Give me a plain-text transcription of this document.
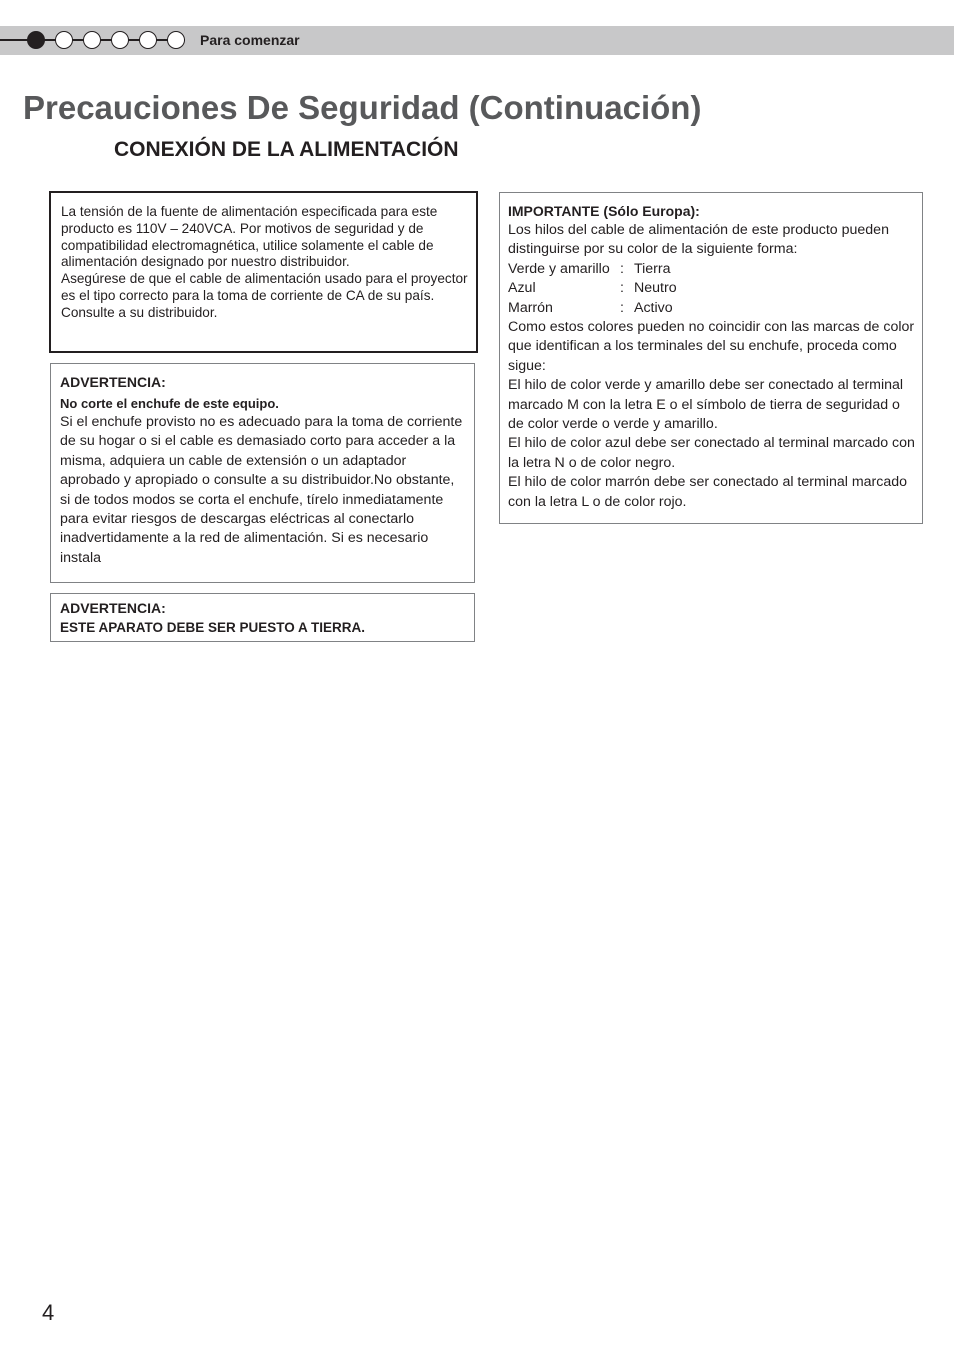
Para comenzar
Precauciones De Seguridad (Continuación)
CONEXIÓN DE LA ALIMENTACIÓN

La tensión de la fuente de alimentación especificada para este producto es 110V – 240VCA. Por motivos de seguridad y de compatibilidad electromagnética, utilice solamente el cable de alimentación designado por nuestro distribuidor.

Asegúrese de que el cable de alimentación usado para el proyector es el tipo correcto para la toma de corriente de CA de su país. Consulte a su distribuidor.

ADVERTENCIA:

No corte el enchufe de este equipo.

Si el enchufe provisto no es adecuado para la toma de corriente de su hogar o si el cable es demasiado corto para acceder a la misma, adquiera un cable de extensión o un adaptador aprobado y apropiado o consulte a su distribuidor.No obstante, si de todos modos se corta el enchufe, tírelo inmediatamente para evitar riesgos de descargas eléctricas al conectarlo inadvertidamente a la red de alimentación. Si es necesario instala

ADVERTENCIA:

ESTE APARATO DEBE SER PUESTO A TIERRA.

IMPORTANTE (Sólo Europa):

Los hilos del cable de alimentación de este producto pueden distinguirse por su color de la siguiente forma:

Verde y amarillo : Tierra
Azul	: Neutro
Marrón	: Activo

Como estos colores pueden no coincidir con las marcas de color que identifican a los terminales del su enchufe, proceda como sigue:

El hilo de color verde y amarillo debe ser conectado al terminal marcado M con la letra E o el símbolo de tierra de seguridad o de color verde o verde y amarillo.

El hilo de color azul debe ser conectado al terminal marcado con la letra N o de color negro.

El hilo de color marrón debe ser conectado al terminal marcado con la letra L o de color rojo.

4
